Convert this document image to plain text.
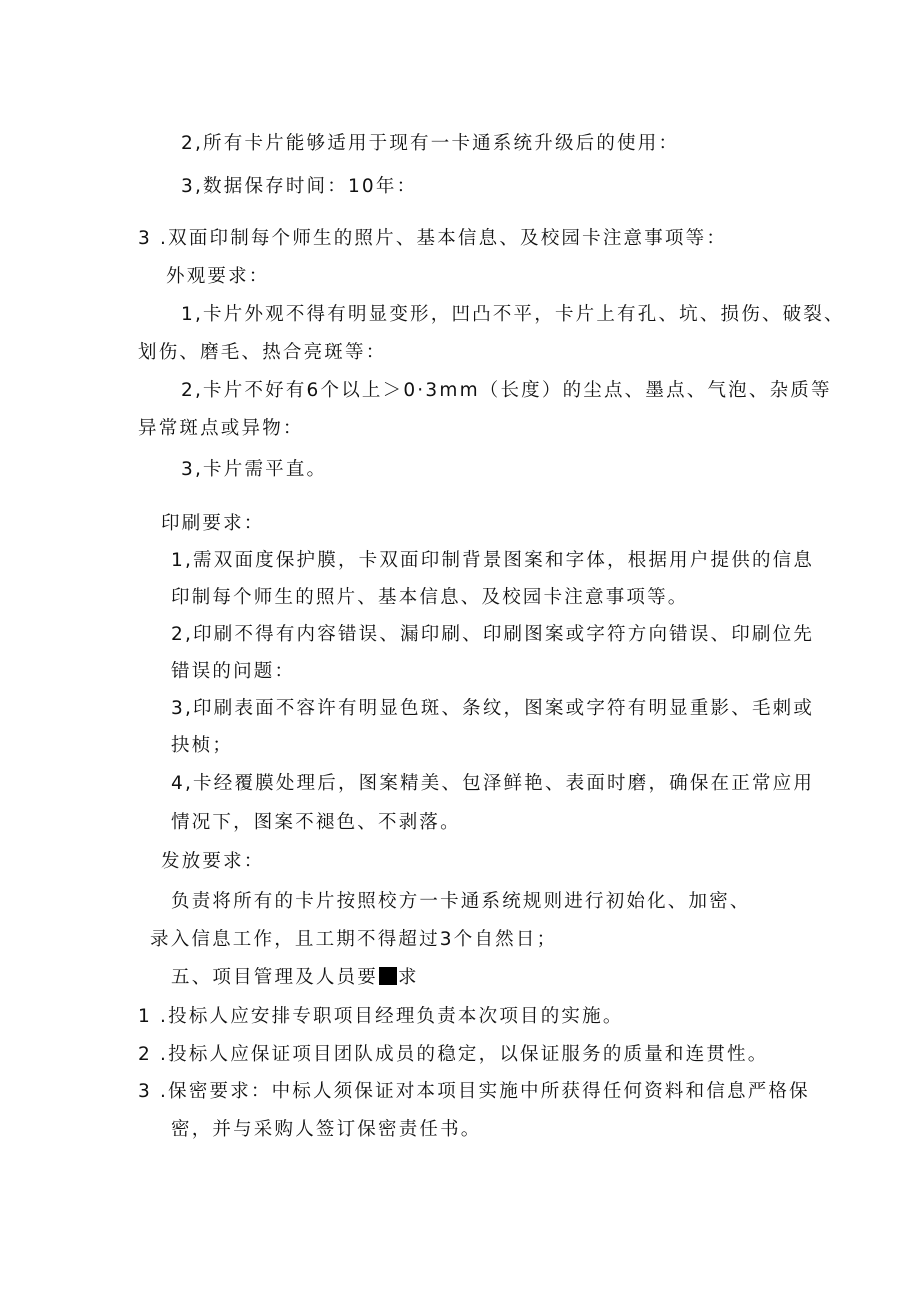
2,所有卡片能够适用于现有一卡通系统升级后的使用：

3,数据保存时间：10年：

3 .双面印制每个师生的照片、基本信息、及校园卡注意事项等：

外观要求：

1,卡片外观不得有明显变形，凹凸不平，卡片上有孔、坑、损伤、破裂、

划伤、磨毛、热合亮斑等：

2,卡片不好有6个以上＞0·3mm（长度）的尘点、墨点、气泡、杂质等

异常斑点或异物：

3,卡片需平直。

印刷要求：

1,需双面度保护膜，卡双面印制背景图案和字体，根据用户提供的信息

印制每个师生的照片、基本信息、及校园卡注意事项等。

2,印刷不得有内容错误、漏印刷、印刷图案或字符方向错误、印刷位先

错误的问题：

3,印刷表面不容许有明显色斑、条纹，图案或字符有明显重影、毛刺或

抉桢；

4,卡经覆膜处理后，图案精美、包泽鲜艳、表面时磨，确保在正常应用

情况下，图案不褪色、不剥落。

发放要求：

负责将所有的卡片按照校方一卡通系统规则进行初始化、加密、

录入信息工作，且工期不得超过3个自然日；

五、项目管理及人员要 求

1 .投标人应安排专职项目经理负责本次项目的实施。

2 .投标人应保证项目团队成员的稳定，以保证服务的质量和连贯性。

3 .保密要求：中标人须保证对本项目实施中所获得任何资料和信息严格保

密，并与采购人签订保密责任书。
